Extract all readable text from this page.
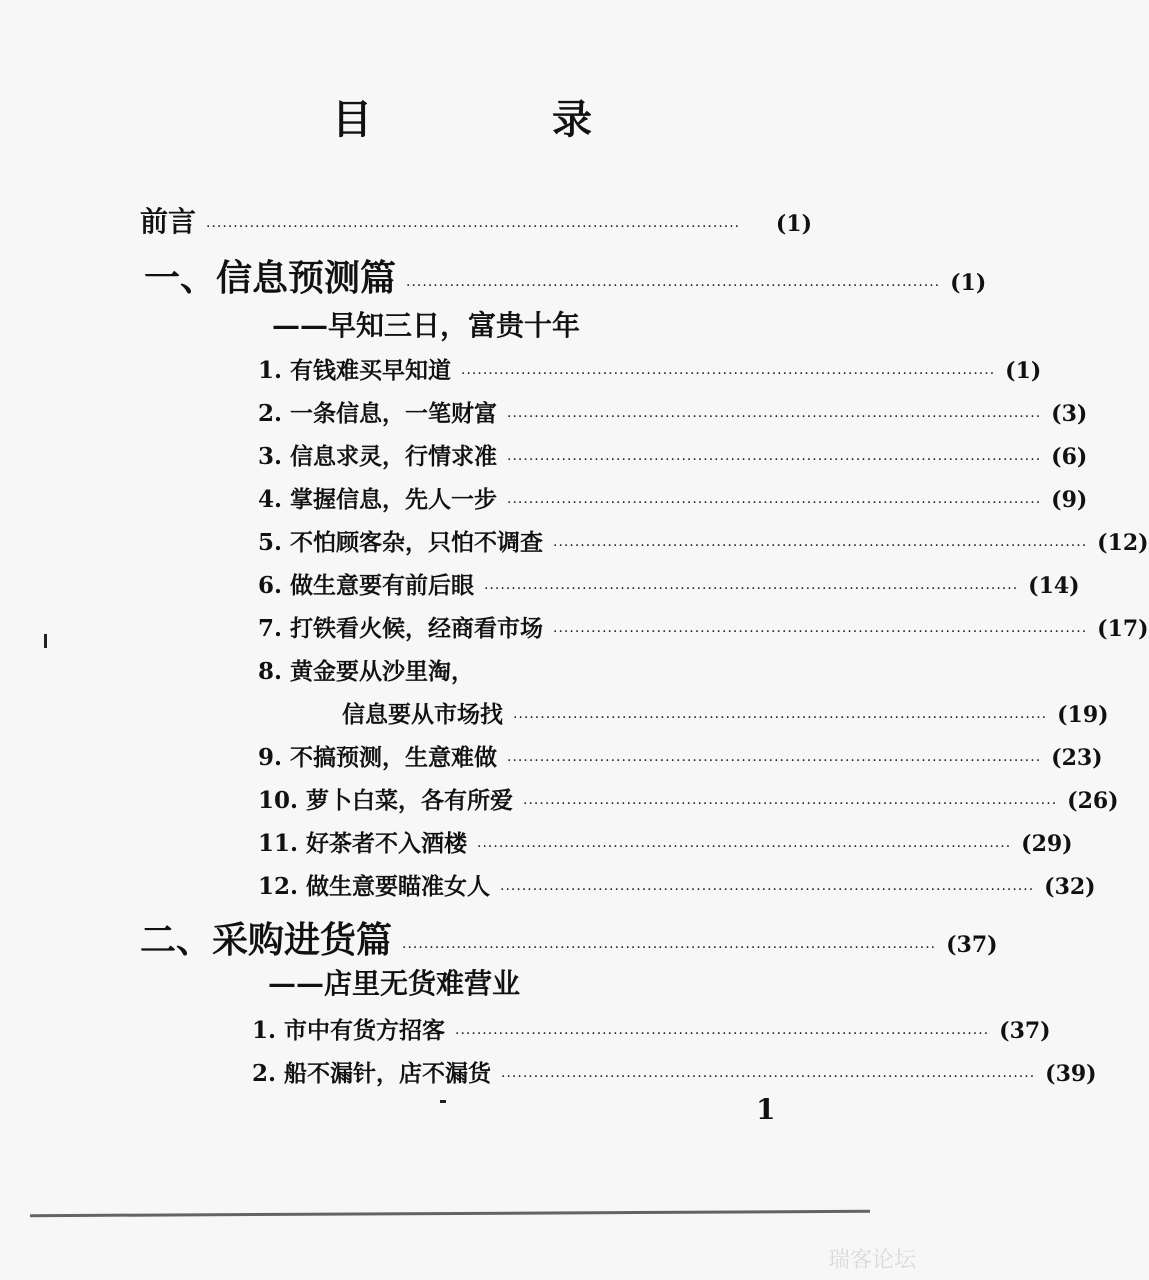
目　录
前言 ··································································································	(1)
一、信息预测篇 ·································································································· (1)
——早知三日，富贵十年
1. 有钱难买早知道 ·································································································· (1)
2. 一条信息，一笔财富 ·································································································· (3)
3. 信息求灵，行情求准 ·································································································· (6)
4. 掌握信息，先人一步 ·································································································· (9)
5. 不怕顾客杂，只怕不调查 ·································································································· (12)
6. 做生意要有前后眼 ·································································································· (14)
7. 打铁看火候，经商看市场 ·································································································· (17)
8. 黄金要从沙里淘，
信息要从市场找 ·································································································· (19)
9. 不搞预测，生意难做 ·································································································· (23)
10. 萝卜白菜，各有所爱 ·································································································· (26)
11. 好茶者不入酒楼 ·································································································· (29)
12. 做生意要瞄准女人 ·································································································· (32)
二、采购进货篇 ·································································································· (37)
——店里无货难营业
1. 市中有货方招客 ·································································································· (37)
2. 船不漏针，店不漏货 ·································································································· (39)
1
瑞客论坛
